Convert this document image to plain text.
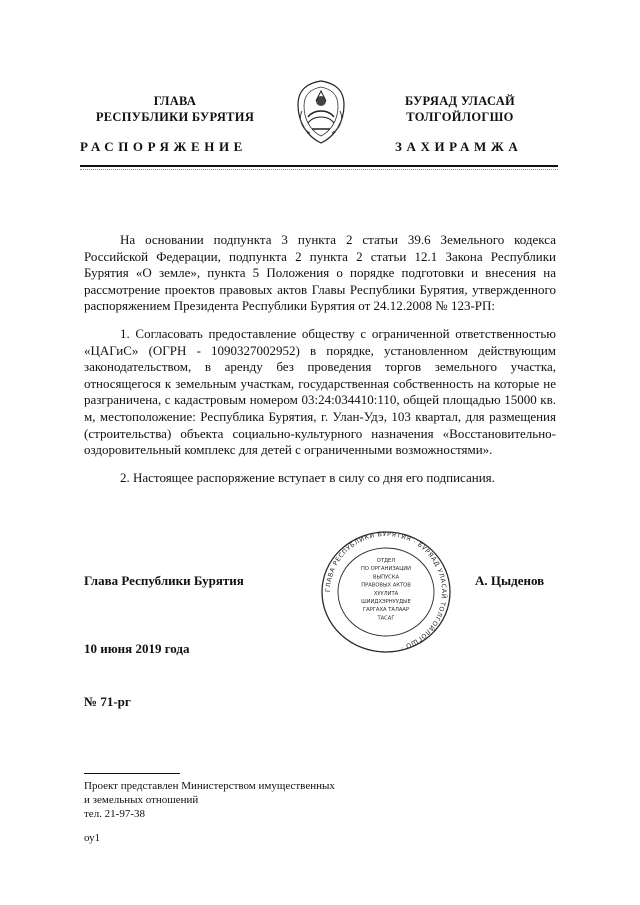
ГЛАВА
РЕСПУБЛИКИ БУРЯТИЯ
БУРЯАД УЛАСАЙ
ТОЛГОЙЛОГШО
РАСПОРЯЖЕНИЕ	ЗАХИРАМЖА

На основании подпункта 3 пункта 2 статьи 39.6 Земельного кодекса Российской Федерации, подпункта 2 пункта 2 статьи 12.1 Закона Республики Бурятия «О земле», пункта 5 Положения о порядке подготовки и внесения на рассмотрение проектов правовых актов Главы Республики Бурятия, утвержденного распоряжением Президента Республики Бурятия от 24.12.2008 № 123-РП:

1. Согласовать предоставление обществу с ограниченной ответственностью «ЦАГиС» (ОГРН - 1090327002952) в порядке, установленном действующим законодательством, в аренду без проведения торгов земельного участка, относящегося к земельным участкам, государственная собственность на которые не разграничена, с кадастровым номером 03:24:034410:110, общей площадью 15000 кв. м, местоположение: Республика Бурятия, г. Улан-Удэ, 103 квартал, для размещения (строительства) объекта социально-культурного назначения «Восстановительно-оздоровительный комплекс для детей с ограниченными возможностями».

2. Настоящее распоряжение вступает в силу со дня его подписания.

Глава Республики Бурятия
ГЛАВА РЕСПУБЛИКИ БУРЯТИЯ · БУРЯАД УЛАСАЙ ТОЛГОЙЛОГШО ·
ОТДЕЛ ПО ОРГАНИЗАЦИИ ВЫПУСКА ПРАВОВЫХ АКТОВ ХУУЛИТА ШИИДХЭРНУУДЫЕ ГАРГАХА ТАЛААР ТАСАГ
А. Цыденов
10 июня 2019 года
№ 71-рг
Проект представлен Министерством имущественных
и земельных отношений
тел. 21-97-38
оу1
